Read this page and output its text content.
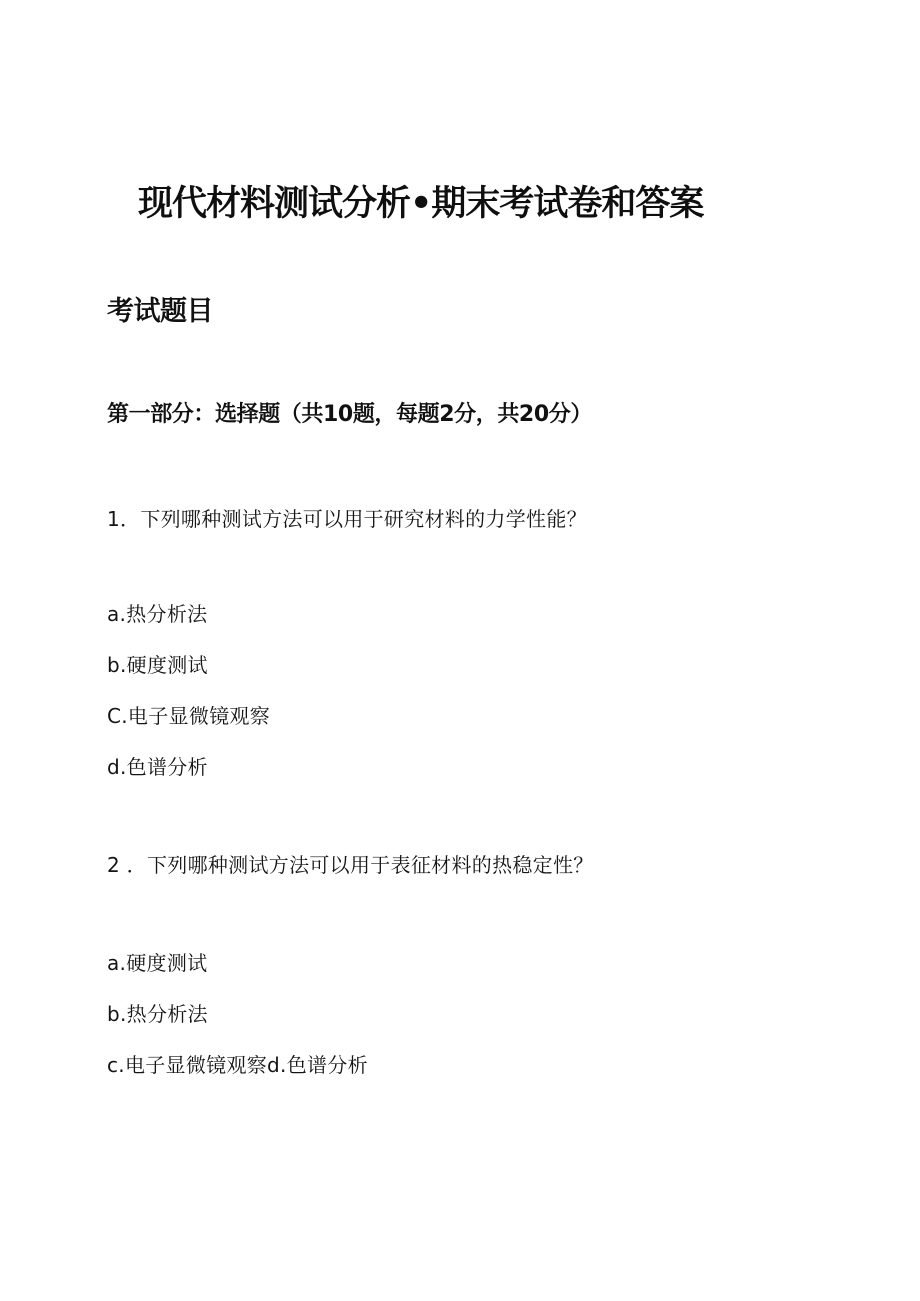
现代材料测试分析•期末考试卷和答案
考试题目
第一部分：选择题（共10题，每题2分，共20分）
1．下列哪种测试方法可以用于研究材料的力学性能？
a.热分析法
b.硬度测试
C.电子显微镜观察
d.色谱分析
2 ．下列哪种测试方法可以用于表征材料的热稳定性？
a.硬度测试
b.热分析法
c.电子显微镜观察d.色谱分析
